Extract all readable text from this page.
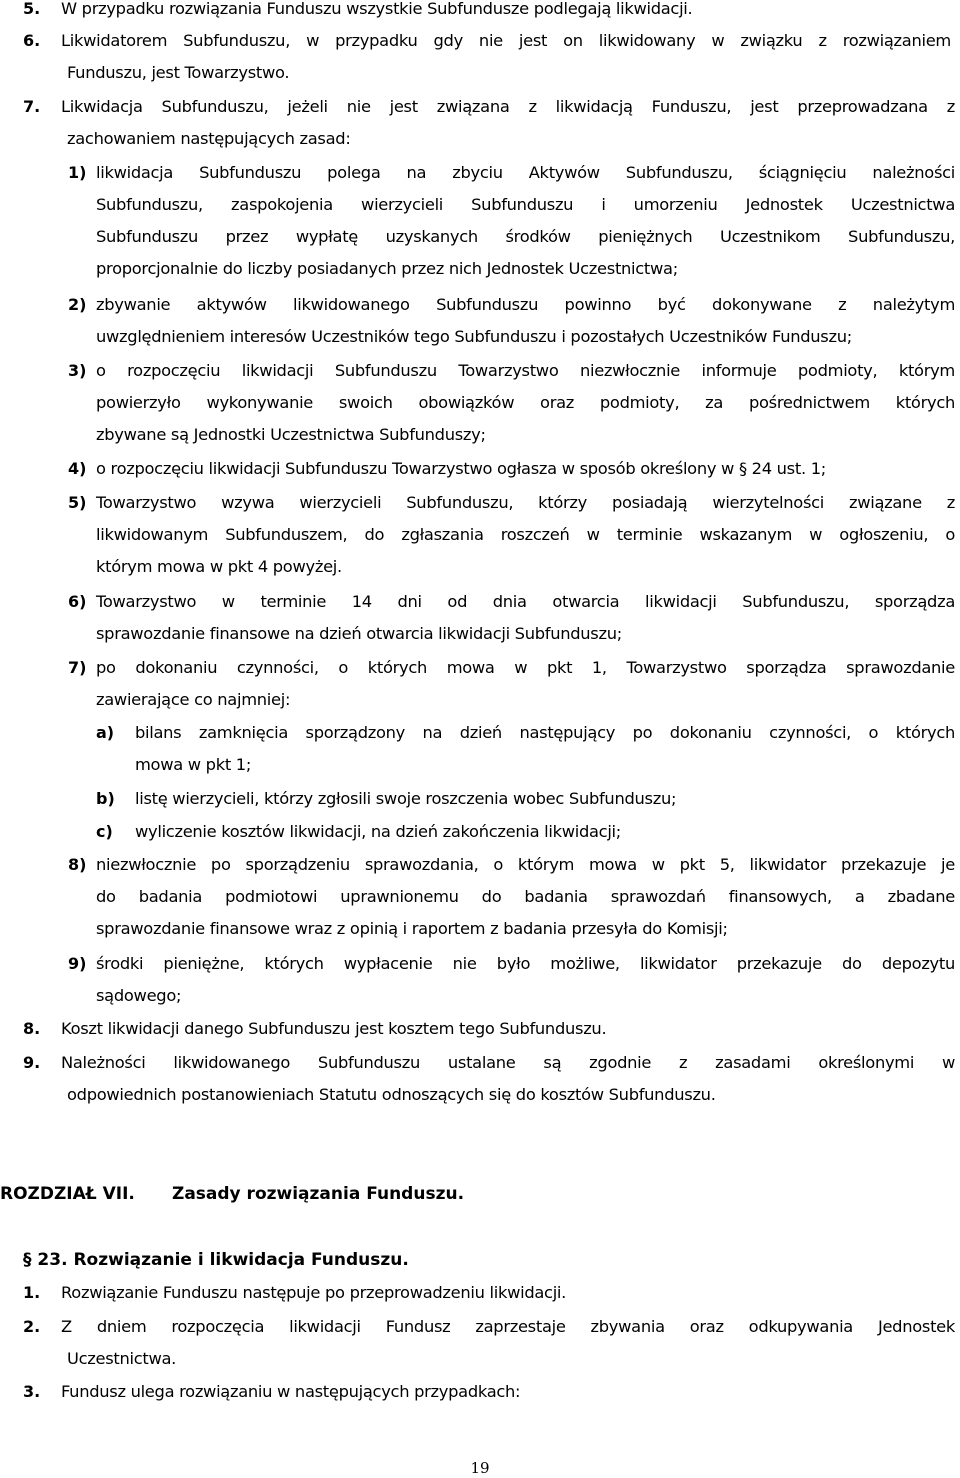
5. W przypadku rozwiązania Funduszu wszystkie Subfundusze podlegają likwidacji.
6. Likwidatorem Subfunduszu, w przypadku gdy nie jest on likwidowany w związku z rozwiązaniem
Funduszu, jest Towarzystwo.
7. Likwidacja Subfunduszu, jeżeli nie jest związana z likwidacją Funduszu, jest przeprowadzana z
zachowaniem następujących zasad:
1) likwidacja Subfunduszu polega na zbyciu Aktywów Subfunduszu, ściągnięciu należności
Subfunduszu, zaspokojenia wierzycieli Subfunduszu i umorzeniu Jednostek Uczestnictwa
Subfunduszu przez wypłatę uzyskanych środków pieniężnych Uczestnikom Subfunduszu,
proporcjonalnie do liczby posiadanych przez nich Jednostek Uczestnictwa;
2) zbywanie aktywów likwidowanego Subfunduszu powinno być dokonywane z należytym
uwzględnieniem interesów Uczestników tego Subfunduszu i pozostałych Uczestników Funduszu;
3) o rozpoczęciu likwidacji Subfunduszu Towarzystwo niezwłocznie informuje podmioty, którym
powierzyło wykonywanie swoich obowiązków oraz podmioty, za pośrednictwem których
zbywane są Jednostki Uczestnictwa Subfunduszy;
4) o rozpoczęciu likwidacji Subfunduszu Towarzystwo ogłasza w sposób określony w § 24 ust. 1;
5) Towarzystwo wzywa wierzycieli Subfunduszu, którzy posiadają wierzytelności związane z
likwidowanym Subfunduszem, do zgłaszania roszczeń w terminie wskazanym w ogłoszeniu, o
którym mowa w pkt 4 powyżej.
6) Towarzystwo w terminie 14 dni od dnia otwarcia likwidacji Subfunduszu, sporządza
sprawozdanie finansowe na dzień otwarcia likwidacji Subfunduszu;
7) po dokonaniu czynności, o których mowa w pkt 1, Towarzystwo sporządza sprawozdanie
zawierające co najmniej:
a) bilans zamknięcia sporządzony na dzień następujący po dokonaniu czynności, o których
mowa w pkt 1;
b) listę wierzycieli, którzy zgłosili swoje roszczenia wobec Subfunduszu;
c) wyliczenie kosztów likwidacji, na dzień zakończenia likwidacji;
8) niezwłocznie po sporządzeniu sprawozdania, o którym mowa w pkt 5, likwidator przekazuje je
do badania podmiotowi uprawnionemu do badania sprawozdań finansowych, a zbadane
sprawozdanie finansowe wraz z opinią i raportem z badania przesyła do Komisji;
9) środki pieniężne, których wypłacenie nie było możliwe, likwidator przekazuje do depozytu
sądowego;
8. Koszt likwidacji danego Subfunduszu jest kosztem tego Subfunduszu.
9. Należności likwidowanego Subfunduszu ustalane są zgodnie z zasadami określonymi w
odpowiednich postanowieniach Statutu odnoszących się do kosztów Subfunduszu.
ROZDZIAŁ VII. Zasady rozwiązania Funduszu.
§ 23. Rozwiązanie i likwidacja Funduszu.
1. Rozwiązanie Funduszu następuje po przeprowadzeniu likwidacji.
2. Z dniem rozpoczęcia likwidacji Fundusz zaprzestaje zbywania oraz odkupywania Jednostek
Uczestnictwa.
3. Fundusz ulega rozwiązaniu w następujących przypadkach:
19
